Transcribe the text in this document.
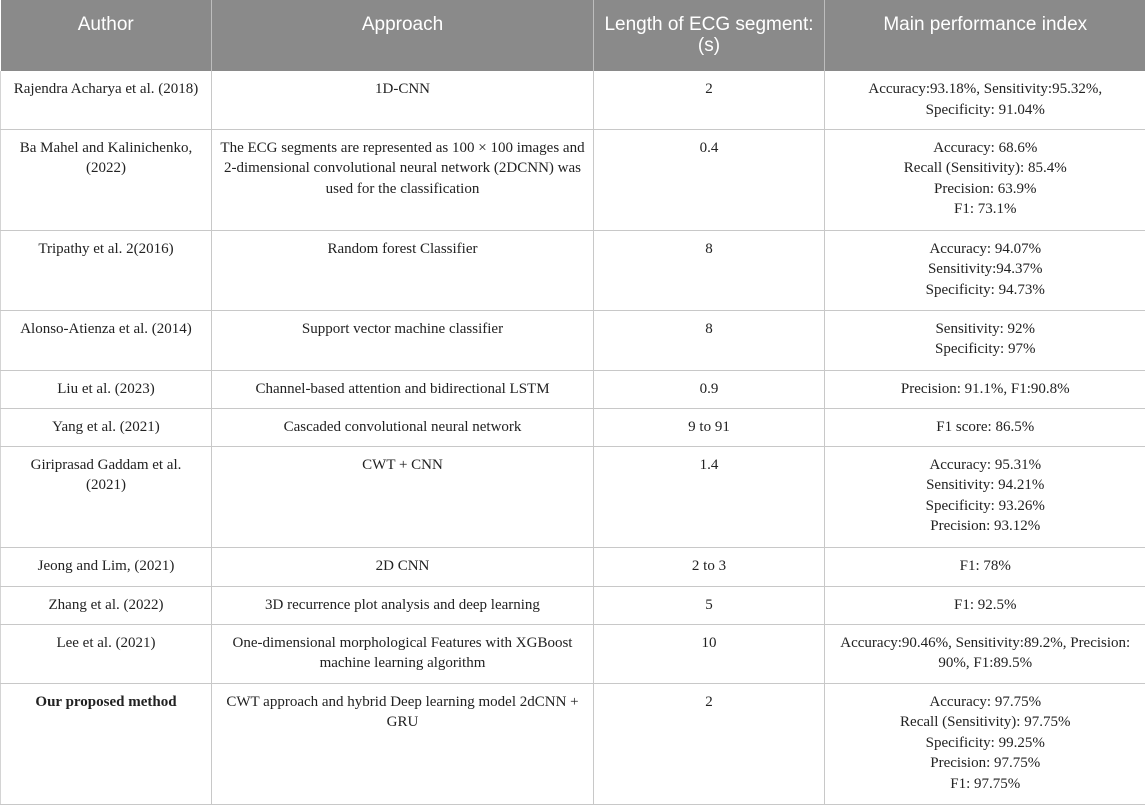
Author	Approach	Length of ECG segment: (s)	Main performance index

Rajendra Acharya et al. (2018)	1D-CNN	2	Accuracy:93.18%, Sensitivity:95.32%,
Specificity: 91.04%

Ba Mahel and Kalinichenko, (2022)	The ECG segments are represented as 100 × 100 images and 2-dimensional convolutional neural network (2DCNN) was used for the classification	0.4	Accuracy: 68.6%
Recall (Sensitivity): 85.4%
Precision: 63.9%
F1: 73.1%

Tripathy et al. 2(2016)	Random forest Classifier	8	Accuracy: 94.07%
Sensitivity:94.37%
Specificity: 94.73%

Alonso-Atienza et al. (2014)	Support vector machine classifier	8	Sensitivity: 92%
Specificity: 97%

Liu et al. (2023)	Channel-based attention and bidirectional LSTM	0.9	Precision: 91.1%, F1:90.8%

Yang et al. (2021)	Cascaded convolutional neural network	9 to 91	F1 score: 86.5%

Giriprasad Gaddam et al. (2021)	CWT + CNN	1.4	Accuracy: 95.31%
Sensitivity: 94.21%
Specificity: 93.26%
Precision: 93.12%

Jeong and Lim, (2021)	2D CNN	2 to 3	F1: 78%

Zhang et al. (2022)	3D recurrence plot analysis and deep learning	5	F1: 92.5%

Lee et al. (2021)	One-dimensional morphological Features with XGBoost machine learning algorithm	10	Accuracy:90.46%, Sensitivity:89.2%, Precision:
90%, F1:89.5%

Our proposed method	CWT approach and hybrid Deep learning model 2dCNN + GRU	2	Accuracy: 97.75%
Recall (Sensitivity): 97.75%
Specificity: 99.25%
Precision: 97.75%
F1: 97.75%
